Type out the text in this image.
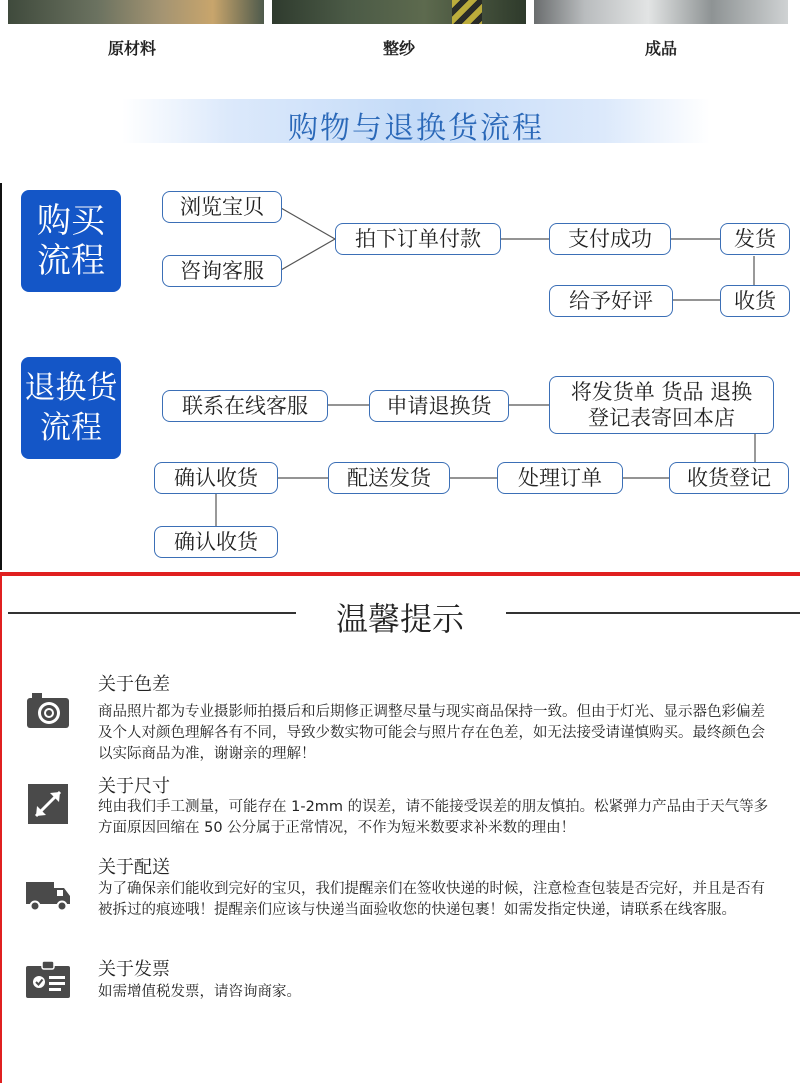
原材料	整纱	成品
购物与退换货流程
购买
流程
浏览宝贝
咨询客服
拍下订单付款	支付成功	发货
收货
给予好评
退换货
流程
联系在线客服	申请退换货
将发货单 货品 退换
登记表寄回本店
收货登记
处理订单
配送发货
确认收货
确认收货
温馨提示
关于色差
商品照片都为专业摄影师拍摄后和后期修正调整尽量与现实商品保持一致。但由于灯光、显示器色彩偏差及个人对颜色理解各有不同，导致少数实物可能会与照片存在色差，如无法接受请谨慎购买。最终颜色会以实际商品为准，谢谢亲的理解！
关于尺寸
纯由我们手工测量，可能存在 1-2mm 的误差，请不能接受误差的朋友慎拍。松紧弹力产品由于天气等多方面原因回缩在 50 公分属于正常情况，不作为短米数要求补米数的理由！
关于配送
为了确保亲们能收到完好的宝贝，我们提醒亲们在签收快递的时候，注意检查包装是否完好，并且是否有被拆过的痕迹哦！提醒亲们应该与快递当面验收您的快递包裹！如需发指定快递，请联系在线客服。
关于发票
如需增值税发票，请咨询商家。
